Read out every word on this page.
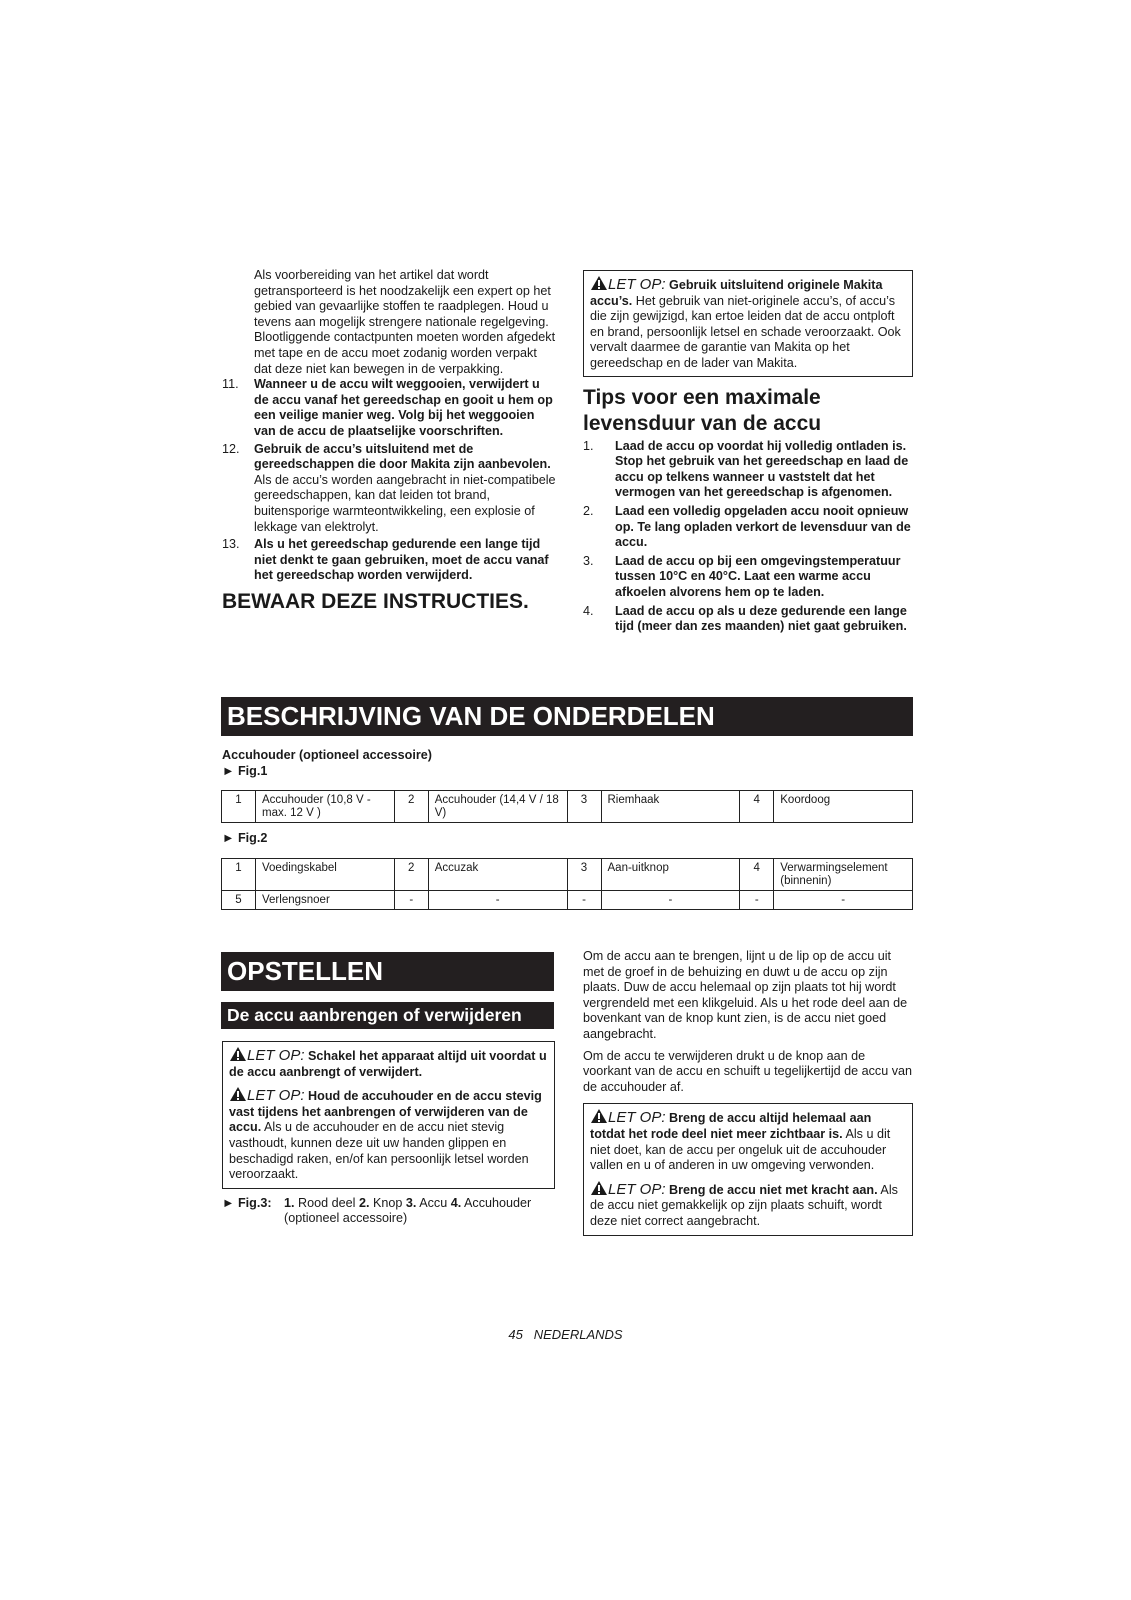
Als voorbereiding van het artikel dat wordt getransporteerd is het noodzakelijk een expert op het gebied van gevaarlijke stoffen te raadplegen. Houd u tevens aan mogelijk strengere nationale regelgeving.

Blootliggende contactpunten moeten worden afgedekt met tape en de accu moet zodanig worden verpakt dat deze niet kan bewegen in de verpakking.

11.	Wanneer u de accu wilt weggooien, verwijdert u de accu vanaf het gereedschap en gooit u hem op een veilige manier weg. Volg bij het weggooien van de accu de plaatselijke voorschriften.
12.	Gebruik de accu’s uitsluitend met de gereedschappen die door Makita zijn aanbevolen. Als de accu’s worden aangebracht in niet-compatibele gereedschappen, kan dat leiden tot brand, buitensporige warmteontwikkeling, een explosie of lekkage van elektrolyt.
13.	Als u het gereedschap gedurende een lange tijd niet denkt te gaan gebruiken, moet de accu vanaf het gereedschap worden verwijderd.
BEWAAR DEZE INSTRUCTIES.
LET OP: Gebruik uitsluitend originele Makita accu’s. Het gebruik van niet-originele accu’s, of accu’s die zijn gewijzigd, kan ertoe leiden dat de accu ontploft en brand, persoonlijk letsel en schade veroorzaakt. Ook vervalt daarmee de garantie van Makita op het gereedschap en de lader van Makita.
Tips voor een maximale levensduur van de accu
1.	Laad de accu op voordat hij volledig ontladen is. Stop het gebruik van het gereedschap en laad de accu op telkens wanneer u vaststelt dat het vermogen van het gereedschap is afgenomen.
2.	Laad een volledig opgeladen accu nooit opnieuw op. Te lang opladen verkort de levensduur van de accu.
3.	Laad de accu op bij een omgevingstemperatuur tussen 10°C en 40°C. Laat een warme accu afkoelen alvorens hem op te laden.
4.	Laad de accu op als u deze gedurende een lange tijd (meer dan zes maanden) niet gaat gebruiken.
BESCHRIJVING VAN DE ONDERDELEN
Accuhouder (optioneel accessoire)
► Fig.1
1	Accuhouder (10,8 V - max. 12 V )	2	Accuhouder (14,4 V / 18 V)	3	Riemhaak	4	Koordoog
► Fig.2
1	Voedingskabel	2	Accuzak	3	Aan-uitknop	4	Verwarmingselement (binnenin)
5	Verlengsnoer	-	-	-	-	-	-
OPSTELLEN
De accu aanbrengen of verwijderen

LET OP: Schakel het apparaat altijd uit voordat u de accu aanbrengt of verwijdert.

LET OP: Houd de accuhouder en de accu stevig vast tijdens het aanbrengen of verwijderen van de accu. Als u de accuhouder en de accu niet stevig vasthoudt, kunnen deze uit uw handen glippen en beschadigd raken, en/of kan persoonlijk letsel worden veroorzaakt.

► Fig.3: 1. Rood deel 2. Knop 3. Accu 4. Accuhouder (optioneel accessoire)

Om de accu aan te brengen, lijnt u de lip op de accu uit met de groef in de behuizing en duwt u de accu op zijn plaats. Duw de accu helemaal op zijn plaats tot hij wordt vergrendeld met een klikgeluid. Als u het rode deel aan de bovenkant van de knop kunt zien, is de accu niet goed aangebracht.

Om de accu te verwijderen drukt u de knop aan de voorkant van de accu en schuift u tegelijkertijd de accu van de accuhouder af.

LET OP: Breng de accu altijd helemaal aan totdat het rode deel niet meer zichtbaar is. Als u dit niet doet, kan de accu per ongeluk uit de accuhouder vallen en u of anderen in uw omgeving verwonden.

LET OP: Breng de accu niet met kracht aan. Als de accu niet gemakkelijk op zijn plaats schuift, wordt deze niet correct aangebracht.

45 NEDERLANDS
